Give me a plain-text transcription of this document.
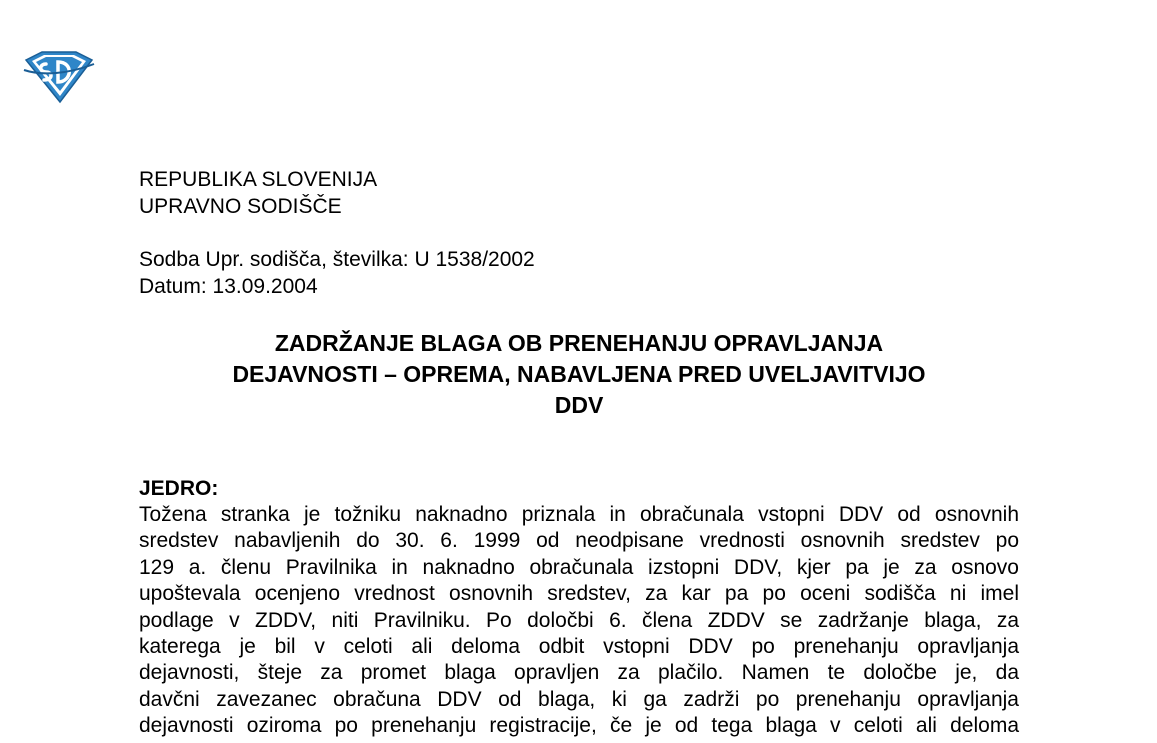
REPUBLIKA SLOVENIJA
UPRAVNO SODIŠČE
Sodba Upr. sodišča, številka: U 1538/2002
Datum: 13.09.2004
ZADRŽANJE BLAGA OB PRENEHANJU OPRAVLJANJA
DEJAVNOSTI – OPREMA, NABAVLJENA PRED UVELJAVITVIJO
DDV
JEDRO:
Tožena stranka je tožniku naknadno priznala in obračunala vstopni DDV od osnovnih
sredstev nabavljenih do 30. 6. 1999 od neodpisane vrednosti osnovnih sredstev po
129 a. členu Pravilnika in naknadno obračunala izstopni DDV, kjer pa je za osnovo
upoštevala ocenjeno vrednost osnovnih sredstev, za kar pa po oceni sodišča ni imel
podlage v ZDDV, niti Pravilniku. Po določbi 6. člena ZDDV se zadržanje blaga, za
katerega je bil v celoti ali deloma odbit vstopni DDV po prenehanju opravljanja
dejavnosti, šteje za promet blaga opravljen za plačilo. Namen te določbe je, da
davčni zavezanec obračuna DDV od blaga, ki ga zadrži po prenehanju opravljanja
dejavnosti oziroma po prenehanju registracije, če je od tega blaga v celoti ali deloma
